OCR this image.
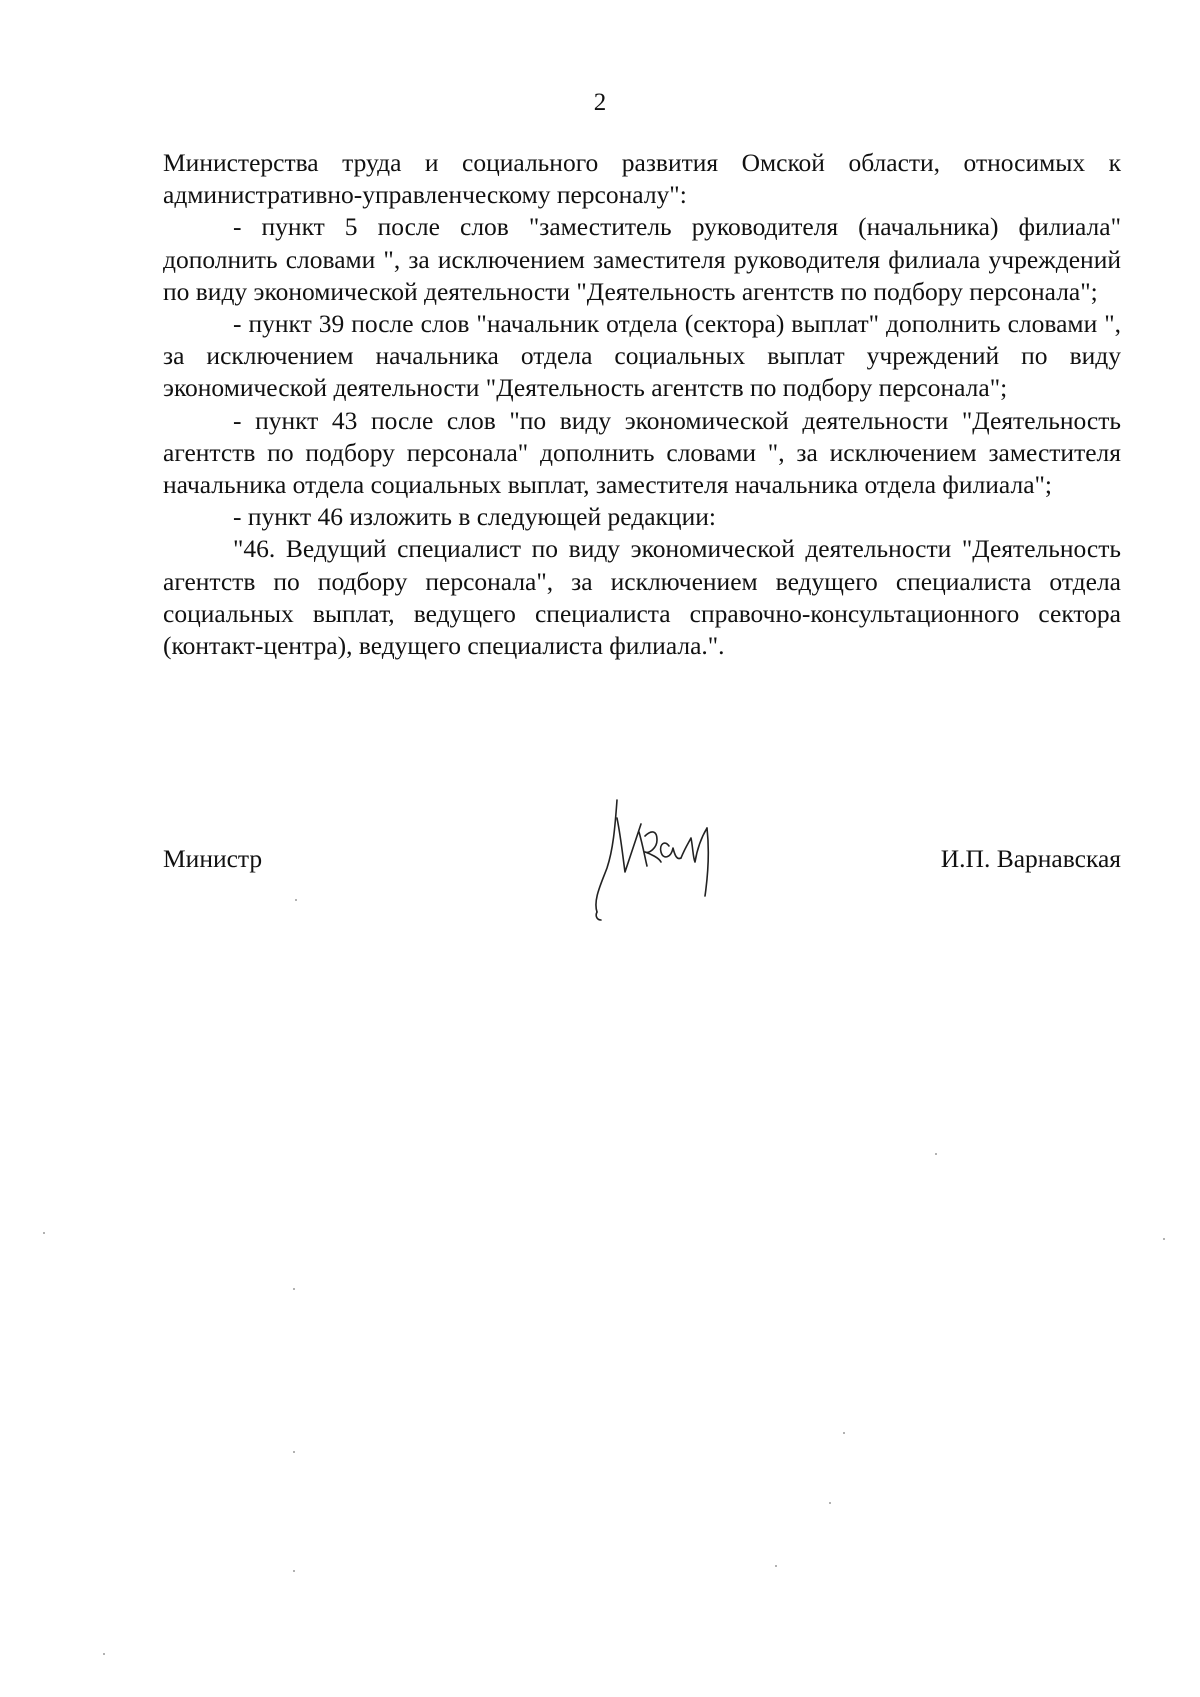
2

Министерства труда и социального развития Омской области, относимых к административно-управленческому персоналу":

- пункт 5 после слов "заместитель руководителя (начальника) филиала" дополнить словами ", за исключением заместителя руководителя филиала учреждений по виду экономической деятельности "Деятельность агентств по подбору персонала";

- пункт 39 после слов "начальник отдела (сектора) выплат" дополнить словами ", за исключением начальника отдела социальных выплат учреждений по виду экономической деятельности "Деятельность агентств по подбору персонала";

- пункт 43 после слов "по виду экономической деятельности "Деятельность агентств по подбору персонала" дополнить словами ", за исключением заместителя начальника отдела социальных выплат, заместителя начальника отдела филиала";

- пункт 46 изложить в следующей редакции:

"46. Ведущий специалист по виду экономической деятельности "Деятельность агентств по подбору персонала", за исключением ведущего специалиста отдела социальных выплат, ведущего специалиста справочно-консультационного сектора (контакт-центра), ведущего специалиста филиала.".

Министр	И.П. Варнавская
